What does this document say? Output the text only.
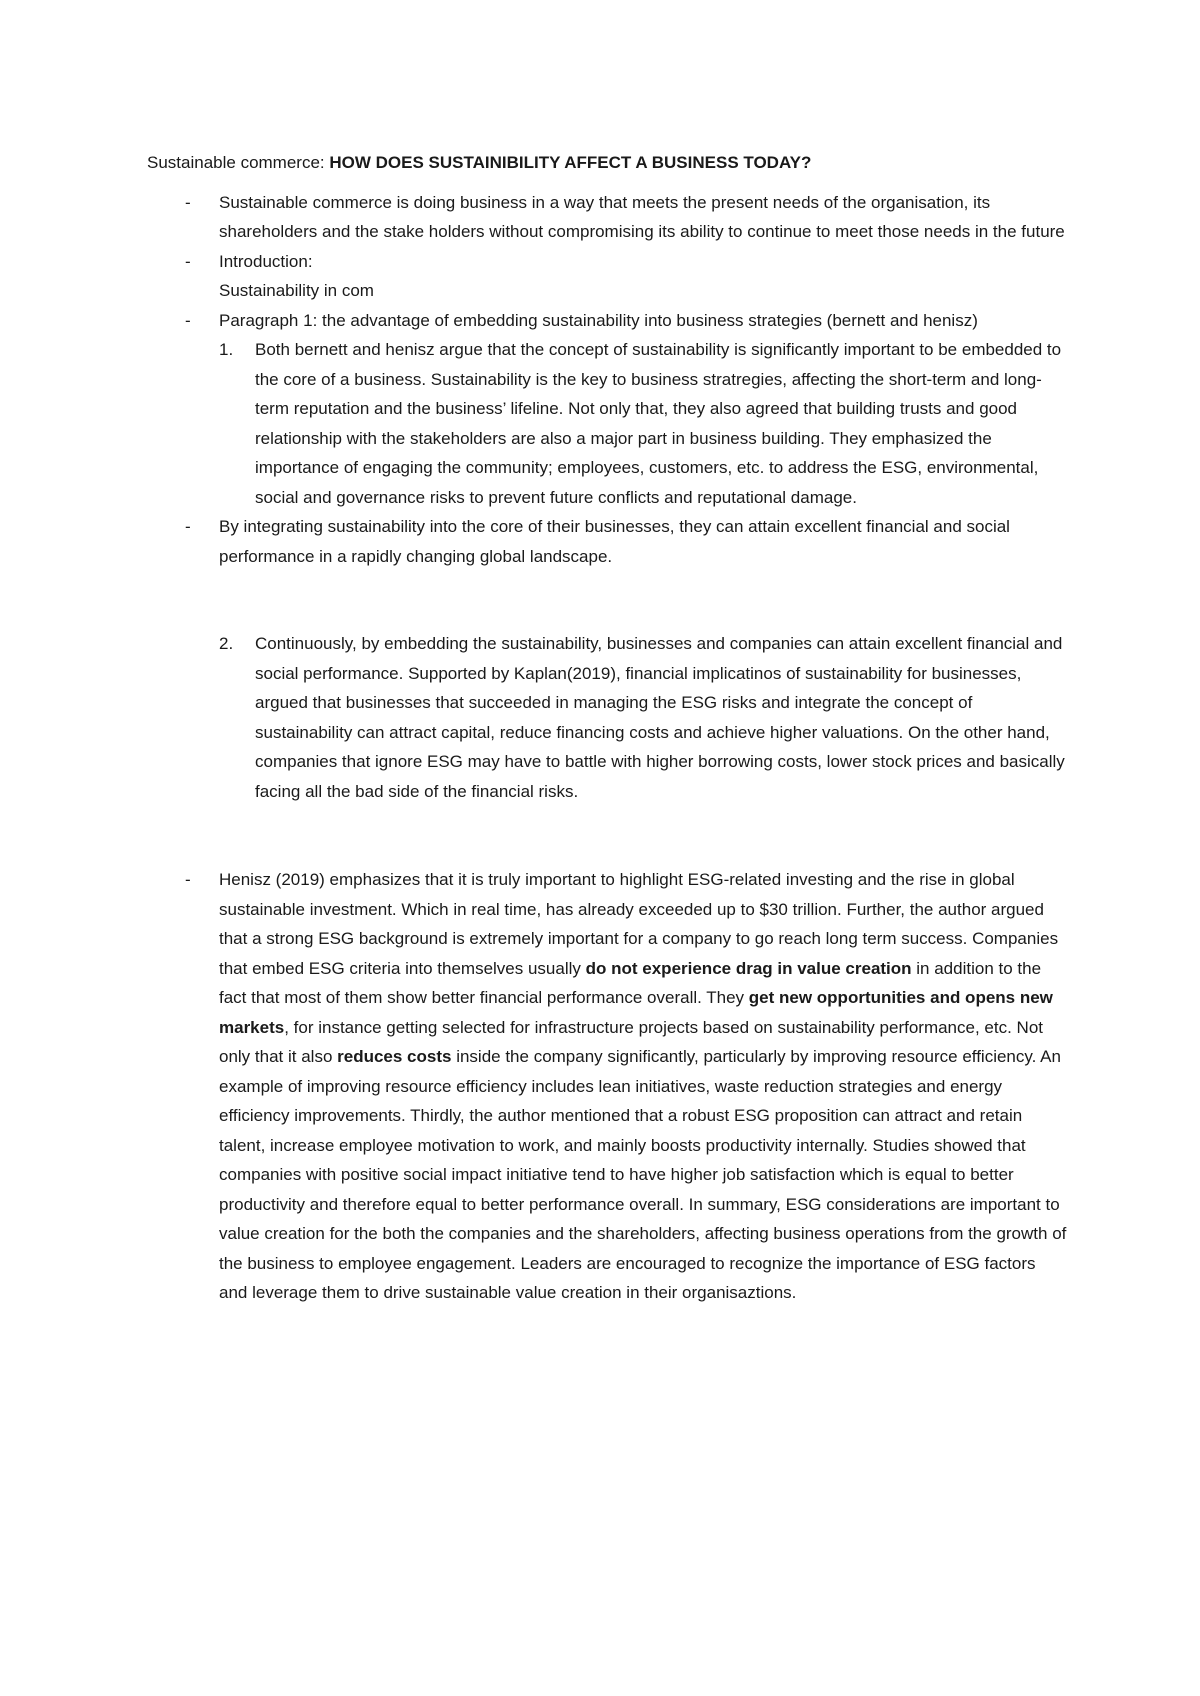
Sustainable commerce: HOW DOES SUSTAINIBILITY AFFECT A BUSINESS TODAY?

- Sustainable commerce is doing business in a way that meets the present needs of the organisation, its shareholders and the stake holders without compromising its ability to continue to meet those needs in the future

- Introduction:

Sustainability in com

- Paragraph 1: the advantage of embedding sustainability into business strategies (bernett and henisz)

1. Both bernett and henisz argue that the concept of sustainability is significantly important to be embedded to the core of a business. Sustainability is the key to business stratregies, affecting the short-term and long-term reputation and the business’ lifeline. Not only that, they also agreed that building trusts and good relationship with the stakeholders are also a major part in business building. They emphasized the importance of engaging the community; employees, customers, etc. to address the ESG, environmental, social and governance risks to prevent future conflicts and reputational damage.

- By integrating sustainability into the core of their businesses, they can attain excellent financial and social performance in a rapidly changing global landscape.

2. Continuously, by embedding the sustainability, businesses and companies can attain excellent financial and social performance. Supported by Kaplan(2019), financial implicatinos of sustainability for businesses, argued that businesses that succeeded in managing the ESG risks and integrate the concept of sustainability can attract capital, reduce financing costs and achieve higher valuations. On the other hand, companies that ignore ESG may have to battle with higher borrowing costs, lower stock prices and basically facing all the bad side of the financial risks.

- Henisz (2019) emphasizes that it is truly important to highlight ESG-related investing and the rise in global sustainable investment. Which in real time, has already exceeded up to $30 trillion. Further, the author argued that a strong ESG background is extremely important for a company to go reach long term success. Companies that embed ESG criteria into themselves usually do not experience drag in value creation in addition to the fact that most of them show better financial performance overall. They get new opportunities and opens new markets, for instance getting selected for infrastructure projects based on sustainability performance, etc. Not only that it also reduces costs inside the company significantly, particularly by improving resource efficiency. An example of improving resource efficiency includes lean initiatives, waste reduction strategies and energy efficiency improvements. Thirdly, the author mentioned that a robust ESG proposition can attract and retain talent, increase employee motivation to work, and mainly boosts productivity internally. Studies showed that companies with positive social impact initiative tend to have higher job satisfaction which is equal to better productivity and therefore equal to better performance overall. In summary, ESG considerations are important to value creation for the both the companies and the shareholders, affecting business operations from the growth of the business to employee engagement. Leaders are encouraged to recognize the importance of ESG factors and leverage them to drive sustainable value creation in their organisaztions.
